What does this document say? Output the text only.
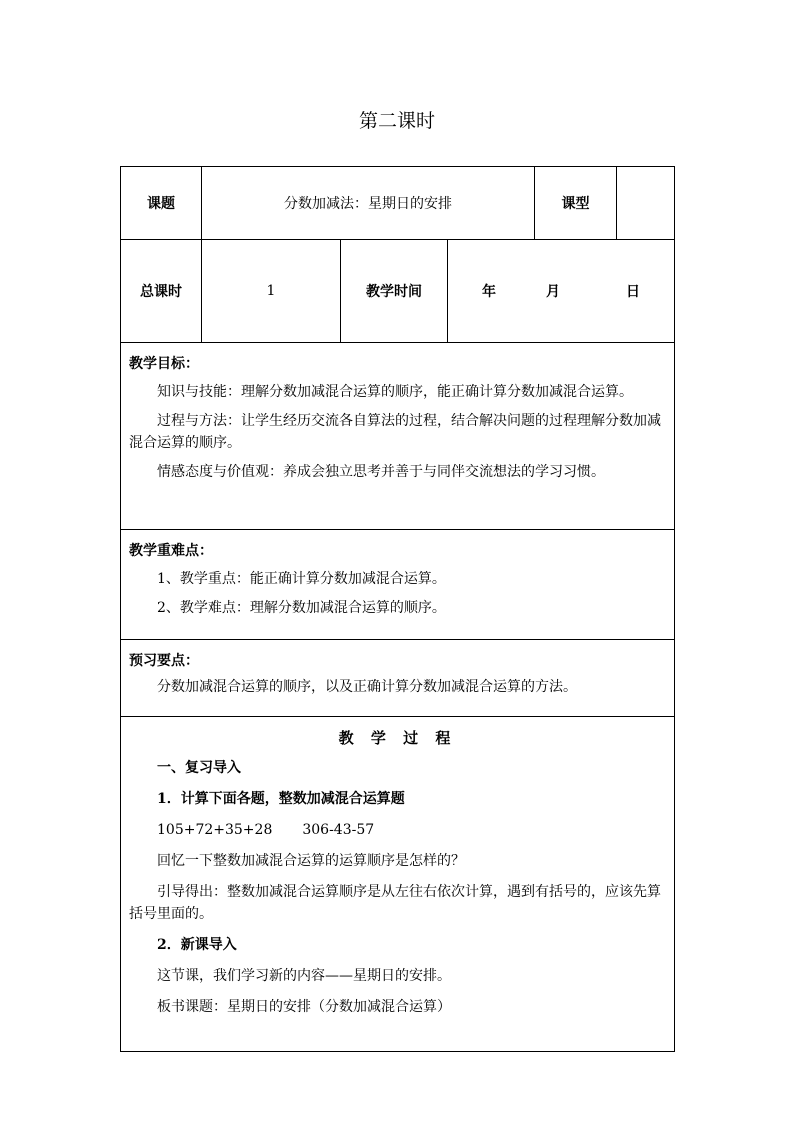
第二课时
课题	分数加减法：星期日的安排	课型
总课时	1	教学时间	年	月	日
教学目标：
知识与技能：理解分数加减混合运算的顺序，能正确计算分数加减混合运算。
过程与方法：让学生经历交流各自算法的过程，结合解决问题的过程理解分数加减混合运算的顺序。
情感态度与价值观：养成会独立思考并善于与同伴交流想法的学习习惯。
教学重难点：
1、教学重点：能正确计算分数加减混合运算。
2、教学难点：理解分数加减混合运算的顺序。
预习要点：
分数加减混合运算的顺序，以及正确计算分数加减混合运算的方法。
教 学 过 程
一、复习导入
1．计算下面各题，整数加减混合运算题
105+72+35+28 306-43-57
回忆一下整数加减混合运算的运算顺序是怎样的？
引导得出：整数加减混合运算顺序是从左往右依次计算，遇到有括号的，应该先算括号里面的。
2．新课导入
这节课，我们学习新的内容——星期日的安排。
板书课题：星期日的安排（分数加减混合运算）
